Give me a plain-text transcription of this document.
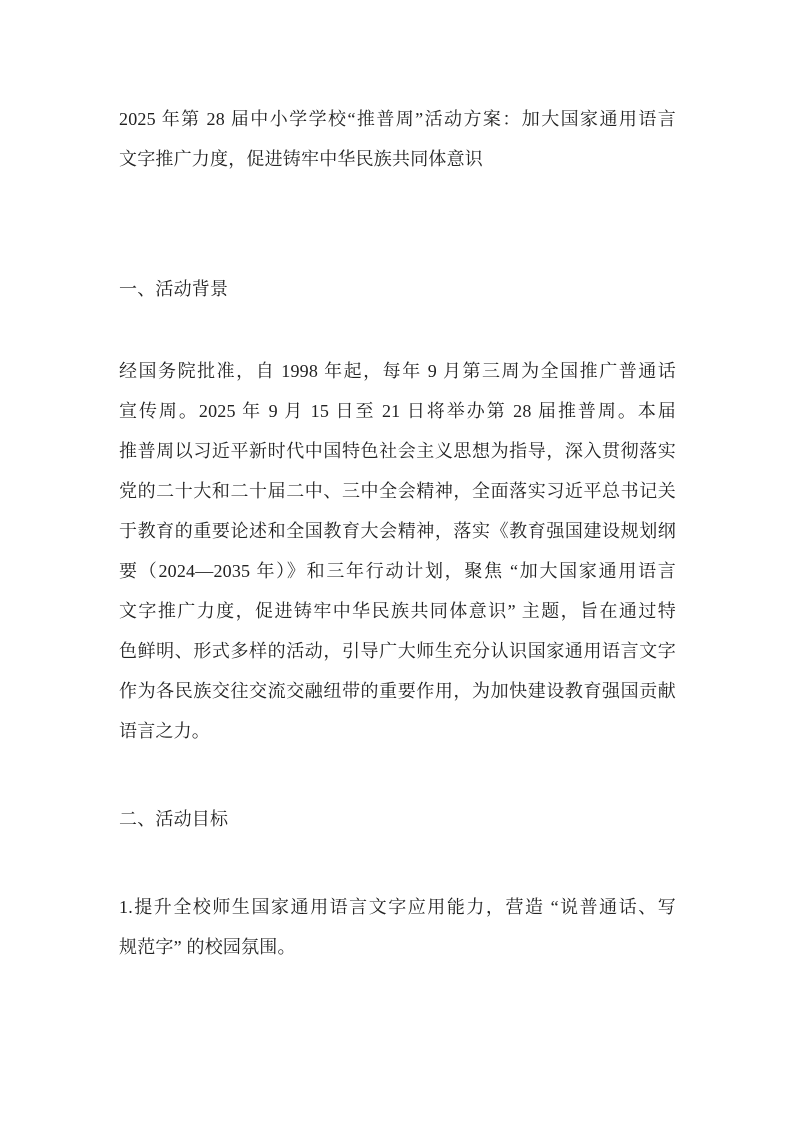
2025 年第 28 届中小学学校“推普周”活动方案：加大国家通用语言
文字推广力度，促进铸牢中华民族共同体意识
一、活动背景
经国务院批准，自 1998 年起，每年 9 月第三周为全国推广普通话
宣传周。2025 年 9 月 15 日至 21 日将举办第 28 届推普周。本届
推普周以习近平新时代中国特色社会主义思想为指导，深入贯彻落实
党的二十大和二十届二中、三中全会精神，全面落实习近平总书记关
于教育的重要论述和全国教育大会精神，落实《教育强国建设规划纲
要（2024—2035 年）》和三年行动计划，聚焦 “加大国家通用语言
文字推广力度，促进铸牢中华民族共同体意识” 主题，旨在通过特
色鲜明、形式多样的活动，引导广大师生充分认识国家通用语言文字
作为各民族交往交流交融纽带的重要作用，为加快建设教育强国贡献
语言之力。
二、活动目标
1.提升全校师生国家通用语言文字应用能力，营造 “说普通话、写
规范字” 的校园氛围。
